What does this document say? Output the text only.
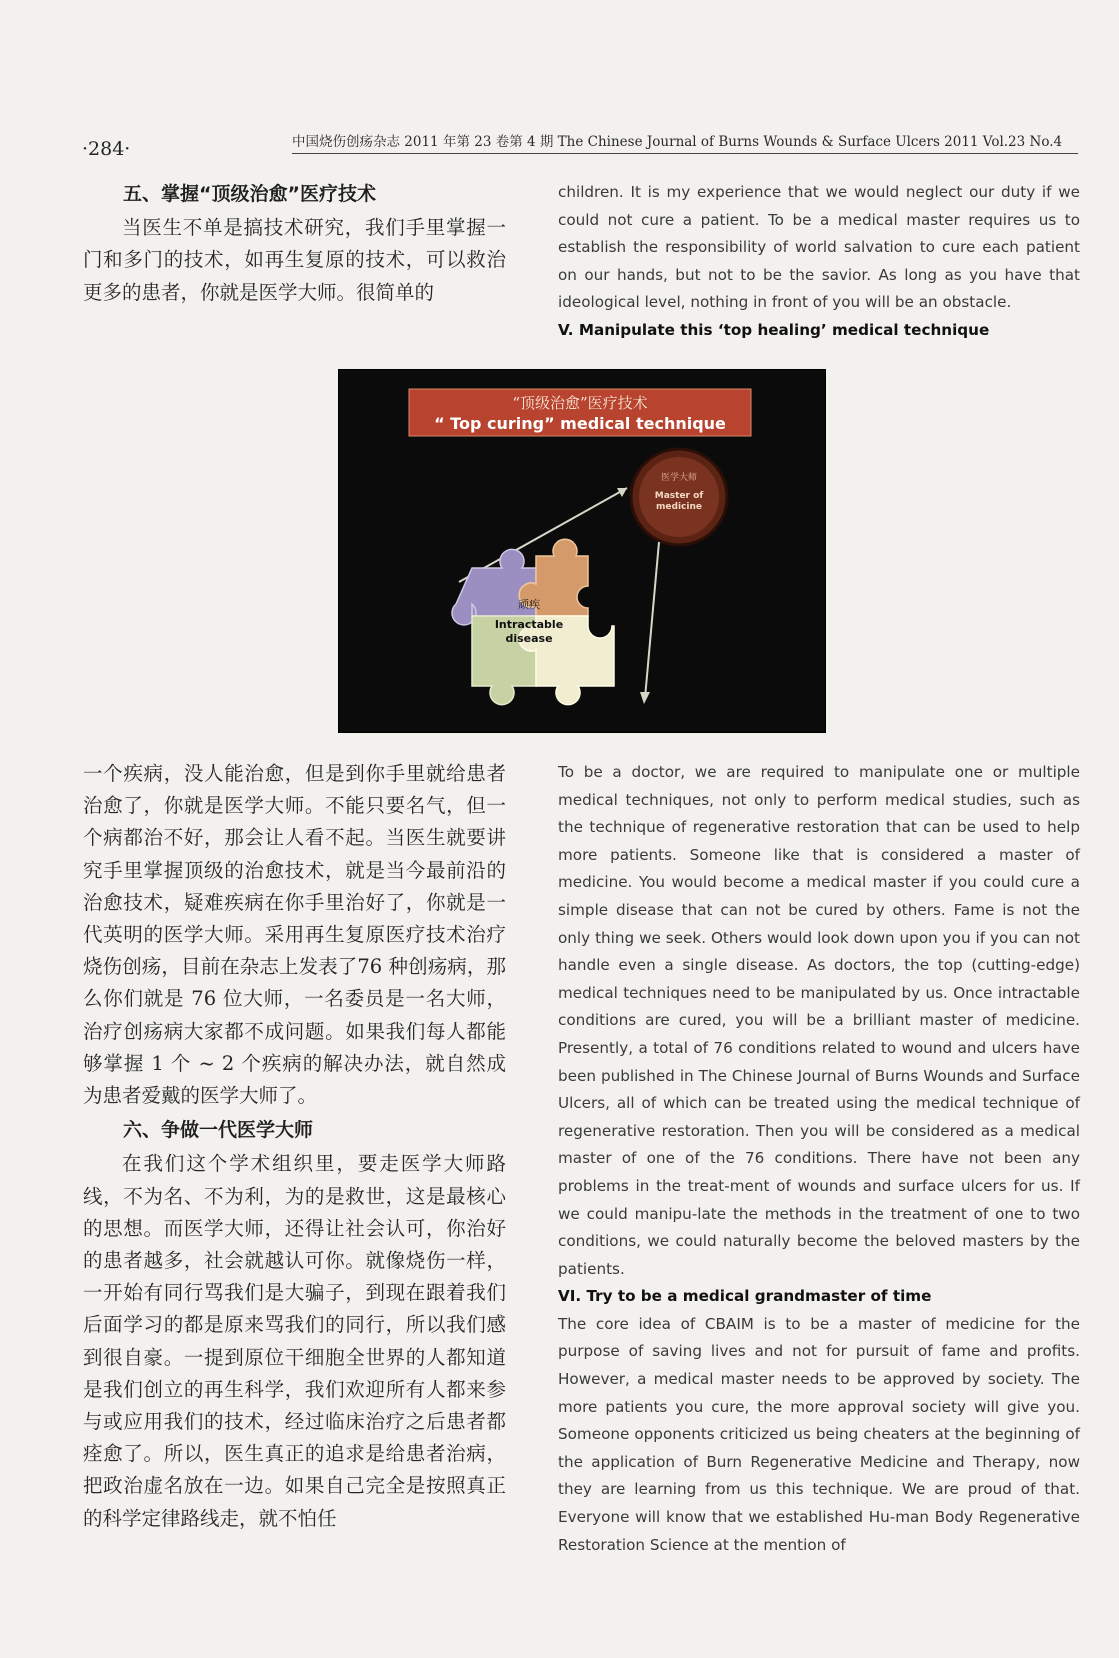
·284·	中国烧伤创疡杂志 2011 年第 23 卷第 4 期 The Chinese Journal of Burns Wounds & Surface Ulcers 2011 Vol.23 No.4

五、掌握“顶级治愈”医疗技术

当医生不单是搞技术研究，我们手里掌握一门和多门的技术，如再生复原的技术，可以救治更多的患者，你就是医学大师。很简单的

children. It is my experience that we would neglect our duty if we could not cure a patient. To be a medical master requires us to establish the responsibility of world salvation to cure each patient on our hands, but not to be the savior. As long as you have that ideological level, nothing in front of you will be an obstacle.

V. Manipulate this ‘top healing’ medical technique

“顶级治愈”医疗技术
“ Top curing” medical technique
医学大师
Master of
medicine
顽疾
Intractable
disease

一个疾病，没人能治愈，但是到你手里就给患者治愈了，你就是医学大师。不能只要名气，但一个病都治不好，那会让人看不起。当医生就要讲究手里掌握顶级的治愈技术，就是当今最前沿的治愈技术，疑难疾病在你手里治好了，你就是一代英明的医学大师。采用再生复原医疗技术治疗烧伤创疡，目前在杂志上发表了76 种创疡病，那么你们就是 76 位大师，一名委员是一名大师，治疗创疡病大家都不成问题。如果我们每人都能够掌握 1 个 ~ 2 个疾病的解决办法，就自然成为患者爱戴的医学大师了。

六、争做一代医学大师

在我们这个学术组织里，要走医学大师路线，不为名、不为利，为的是救世，这是最核心的思想。而医学大师，还得让社会认可，你治好的患者越多，社会就越认可你。就像烧伤一样，一开始有同行骂我们是大骗子，到现在跟着我们后面学习的都是原来骂我们的同行，所以我们感到很自豪。一提到原位干细胞全世界的人都知道是我们创立的再生科学，我们欢迎所有人都来参与或应用我们的技术，经过临床治疗之后患者都痊愈了。所以，医生真正的追求是给患者治病，把政治虚名放在一边。如果自己完全是按照真正的科学定律路线走，就不怕任

To be a doctor, we are required to manipulate one or multiple medical techniques, not only to perform medical studies, such as the technique of regenerative restoration that can be used to help more patients. Someone like that is considered a master of medicine. You would become a medical master if you could cure a simple disease that can not be cured by others. Fame is not the only thing we seek. Others would look down upon you if you can not handle even a single disease. As doctors, the top (cutting-edge) medical techniques need to be manipulated by us. Once intractable conditions are cured, you will be a brilliant master of medicine. Presently, a total of 76 conditions related to wound and ulcers have been published in The Chinese Journal of Burns Wounds and Surface Ulcers, all of which can be treated using the medical technique of regenerative restoration. Then you will be considered as a medical master of one of the 76 conditions. There have not been any problems in the treat-ment of wounds and surface ulcers for us. If we could manipu-late the methods in the treatment of one to two conditions, we could naturally become the beloved masters by the patients.

VI. Try to be a medical grandmaster of time

The core idea of CBAIM is to be a master of medicine for the purpose of saving lives and not for pursuit of fame and profits. However, a medical master needs to be approved by society. The more patients you cure, the more approval society will give you. Someone opponents criticized us being cheaters at the beginning of the application of Burn Regenerative Medicine and Therapy, now they are learning from us this technique. We are proud of that. Everyone will know that we established Hu-man Body Regenerative Restoration Science at the mention of
